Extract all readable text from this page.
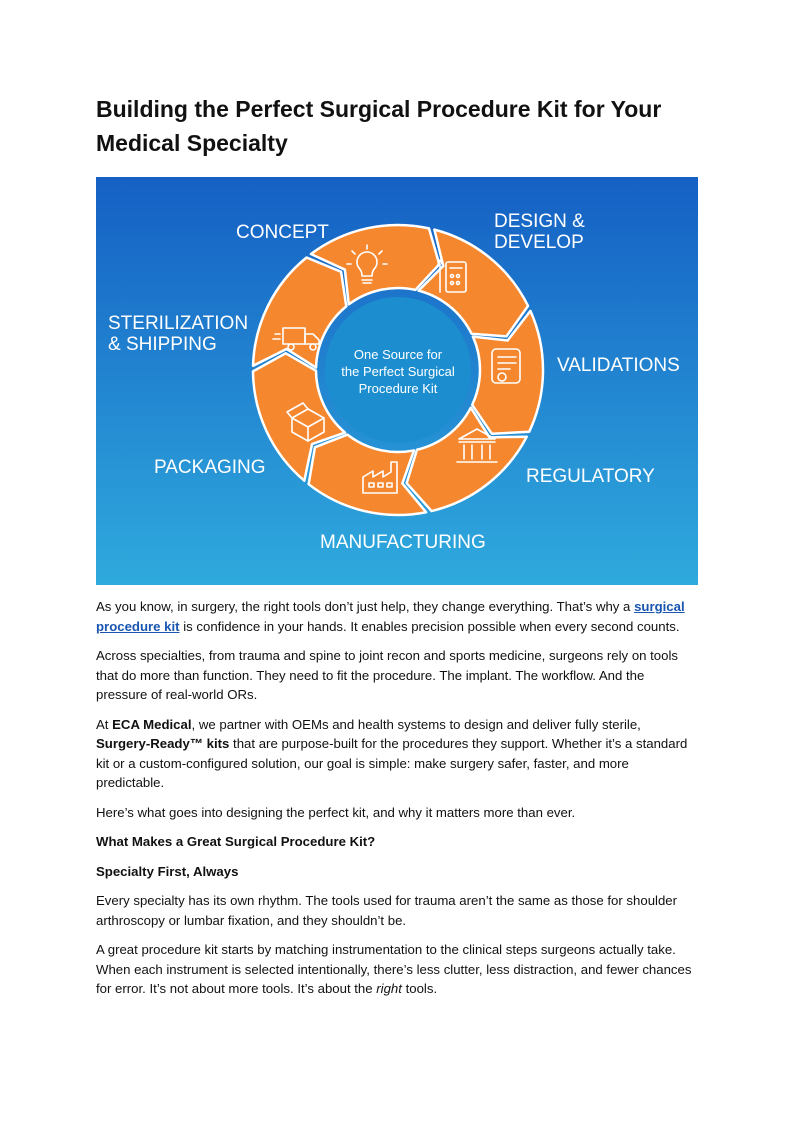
Building the Perfect Surgical Procedure Kit for Your Medical Specialty
One Source for
the Perfect Surgical
Procedure Kit
CONCEPT
DESIGN &
DEVELOP
VALIDATIONS
REGULATORY
MANUFACTURING
PACKAGING
STERILIZATION
& SHIPPING

As you know, in surgery, the right tools don’t just help, they change everything. That’s why a surgical procedure kit is confidence in your hands. It enables precision possible when every second counts.

Across specialties, from trauma and spine to joint recon and sports medicine, surgeons rely on tools that do more than function. They need to fit the procedure. The implant. The workflow. And the pressure of real-world ORs.

At ECA Medical, we partner with OEMs and health systems to design and deliver fully sterile, Surgery-Ready™ kits that are purpose-built for the procedures they support. Whether it’s a standard kit or a custom-configured solution, our goal is simple: make surgery safer, faster, and more predictable.

Here’s what goes into designing the perfect kit, and why it matters more than ever.

What Makes a Great Surgical Procedure Kit?

Specialty First, Always

Every specialty has its own rhythm. The tools used for trauma aren’t the same as those for shoulder arthroscopy or lumbar fixation, and they shouldn’t be.

A great procedure kit starts by matching instrumentation to the clinical steps surgeons actually take. When each instrument is selected intentionally, there’s less clutter, less distraction, and fewer chances for error. It’s not about more tools. It’s about the right tools.
